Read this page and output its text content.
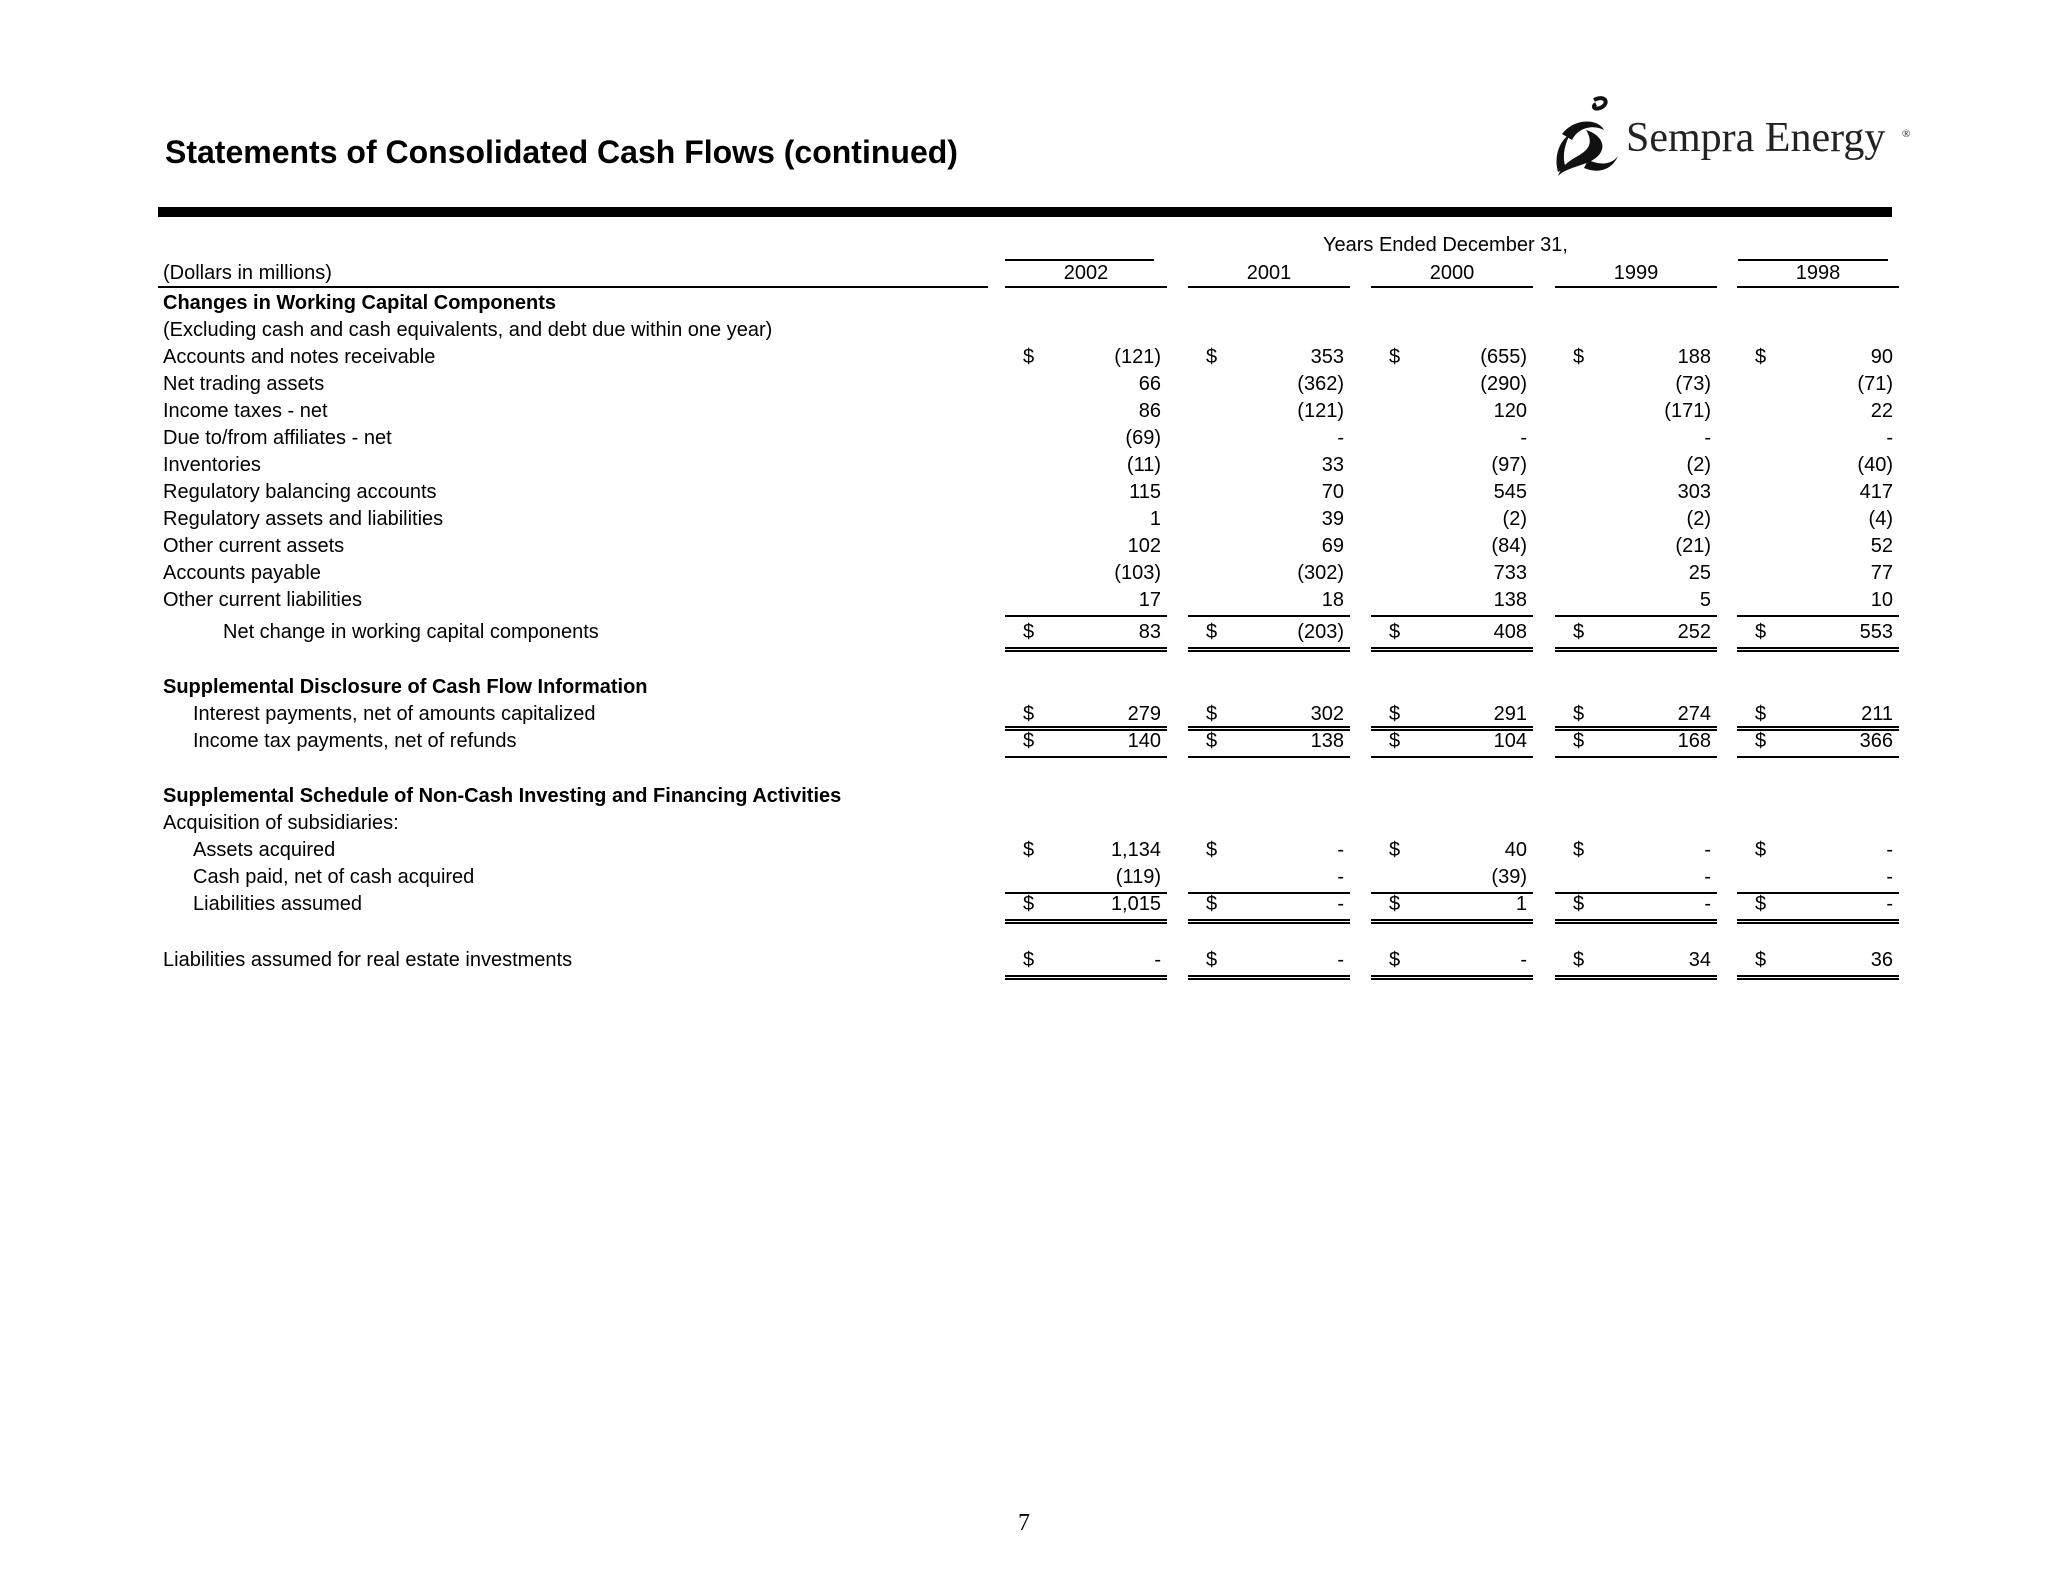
Statements of Consolidated Cash Flows (continued)	Sempra Energy ®
Years Ended December 31,
(Dollars in millions)	2002	2001	2000	1999	1998
Changes in Working Capital Components
(Excluding cash and cash equivalents, and debt due within one year)
Accounts and notes receivable	$	(121) $	353 $	(655) $	188 $	90
Net trading assets	66	(362)	(290)	(73)	(71)
Income taxes - net	86	(121)	120	(171)	22
Due to/from affiliates - net	(69)	-	-	-	-
Inventories	(11)	33	(97)	(2)	(40)
Regulatory balancing accounts	115	70	545	303	417
Regulatory assets and liabilities	1	39	(2)	(2)	(4)
Other current assets	102	69	(84)	(21)	52
Accounts payable	(103)	(302)	733	25	77
Other current liabilities	17	18	138	5	10
Net change in working capital components	$	83 $	(203) $	408 $	252 $	553
Supplemental Disclosure of Cash Flow Information
Interest payments, net of amounts capitalized	$	279 $	302 $	291 $	274 $	211
Income tax payments, net of refunds	$	140 $	138 $	104 $	168 $	366
Supplemental Schedule of Non-Cash Investing and Financing Activities
Acquisition of subsidiaries:
Assets acquired	$	1,134 $	- $	40 $	- $	-
Cash paid, net of cash acquired	(119)	-	(39)	-	-
Liabilities assumed	$	1,015 $	- $	1 $	- $	-
Liabilities assumed for real estate investments	$	- $	- $	- $	34 $	36
7
